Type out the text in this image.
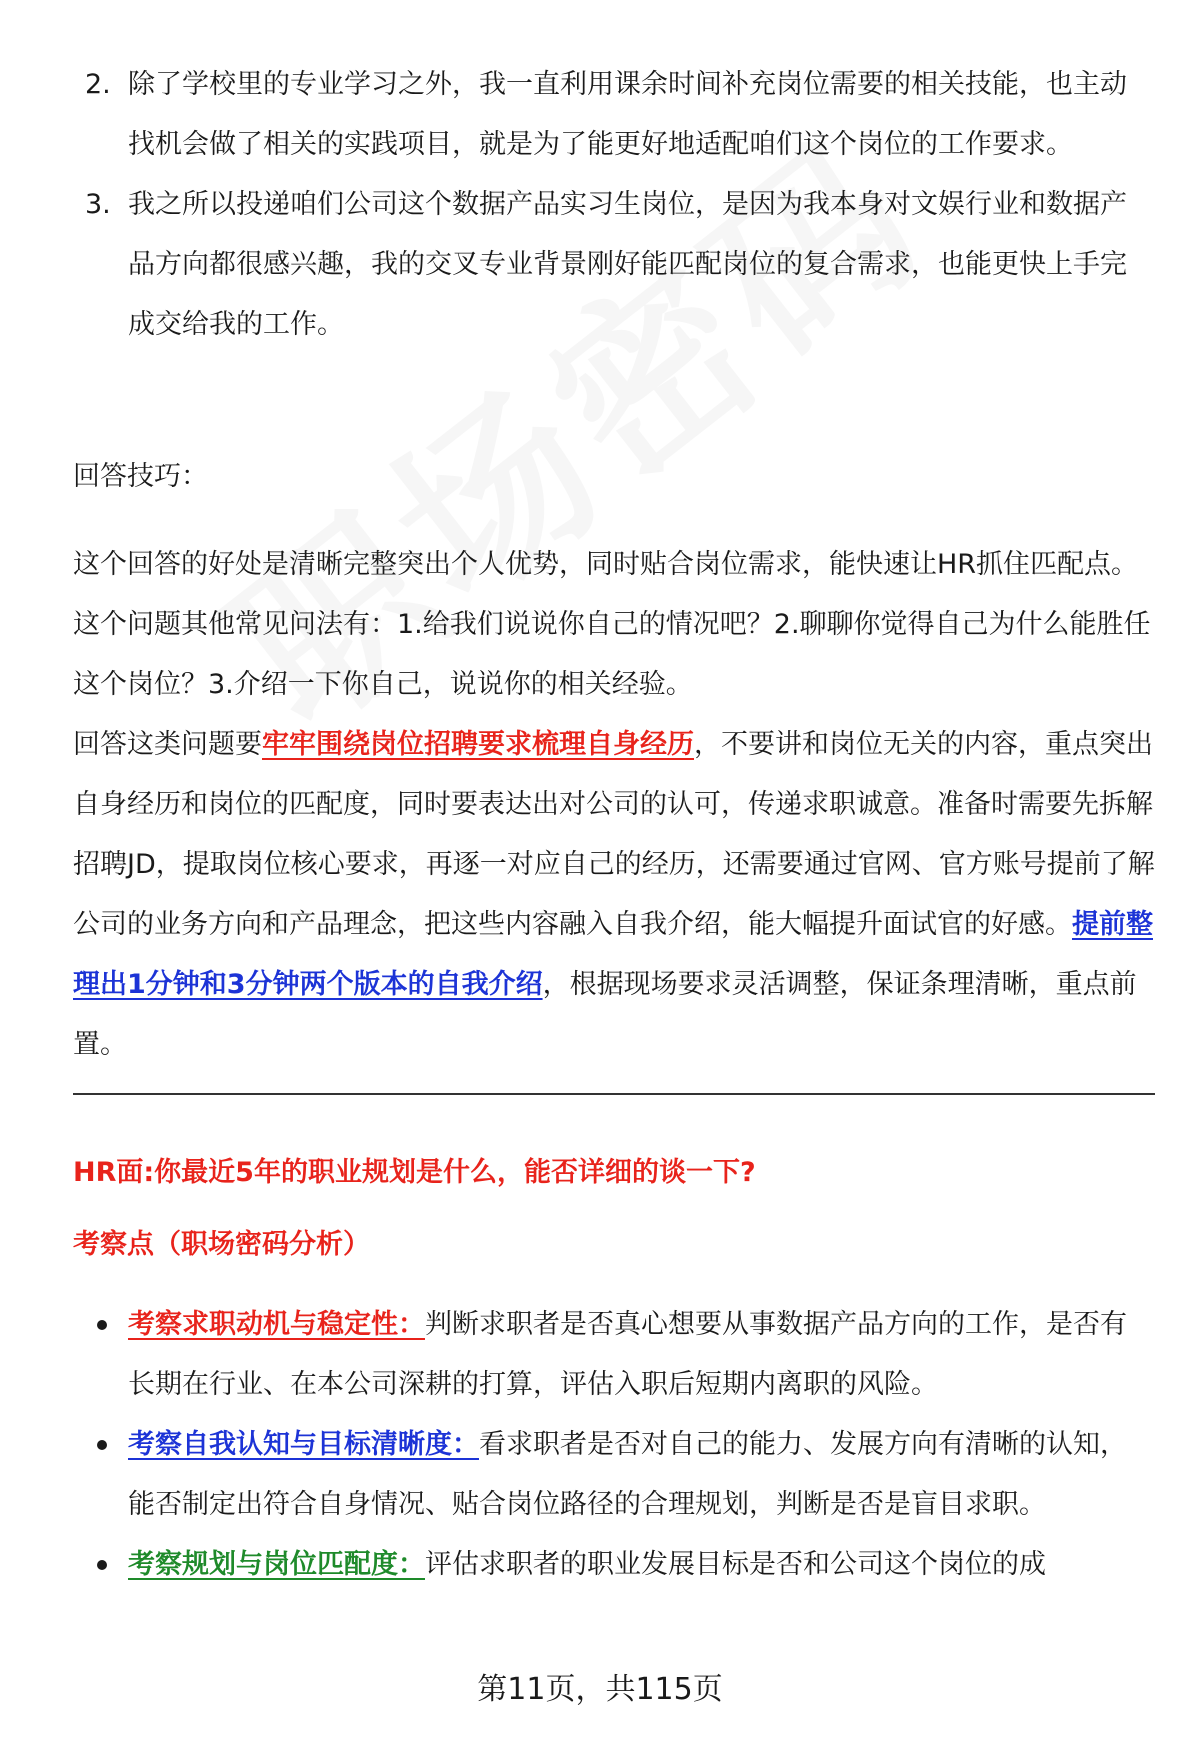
2. 除了学校里的专业学习之外，我一直利用课余时间补充岗位需要的相关技能，也主动找机会做了相关的实践项目，就是为了能更好地适配咱们这个岗位的工作要求。
3. 我之所以投递咱们公司这个数据产品实习生岗位，是因为我本身对文娱行业和数据产品方向都很感兴趣，我的交叉专业背景刚好能匹配岗位的复合需求，也能更快上手完成交给我的工作。
回答技巧：
这个回答的好处是清晰完整突出个人优势，同时贴合岗位需求，能快速让HR抓住匹配点。这个问题其他常见问法有：1.给我们说说你自己的情况吧？2.聊聊你觉得自己为什么能胜任这个岗位？3.介绍一下你自己，说说你的相关经验。
回答这类问题要牢牢围绕岗位招聘要求梳理自身经历，不要讲和岗位无关的内容，重点突出自身经历和岗位的匹配度，同时要表达出对公司的认可，传递求职诚意。准备时需要先拆解招聘JD，提取岗位核心要求，再逐一对应自己的经历，还需要通过官网、官方账号提前了解公司的业务方向和产品理念，把这些内容融入自我介绍，能大幅提升面试官的好感。提前整理出1分钟和3分钟两个版本的自我介绍，根据现场要求灵活调整，保证条理清晰，重点前置。
HR面:你最近5年的职业规划是什么，能否详细的谈一下?
考察点（职场密码分析）
考察求职动机与稳定性：判断求职者是否真心想要从事数据产品方向的工作，是否有长期在行业、在本公司深耕的打算，评估入职后短期内离职的风险。
考察自我认知与目标清晰度：看求职者是否对自己的能力、发展方向有清晰的认知，能否制定出符合自身情况、贴合岗位路径的合理规划，判断是否是盲目求职。
考察规划与岗位匹配度：评估求职者的职业发展目标是否和公司这个岗位的成
第11页，共115页
